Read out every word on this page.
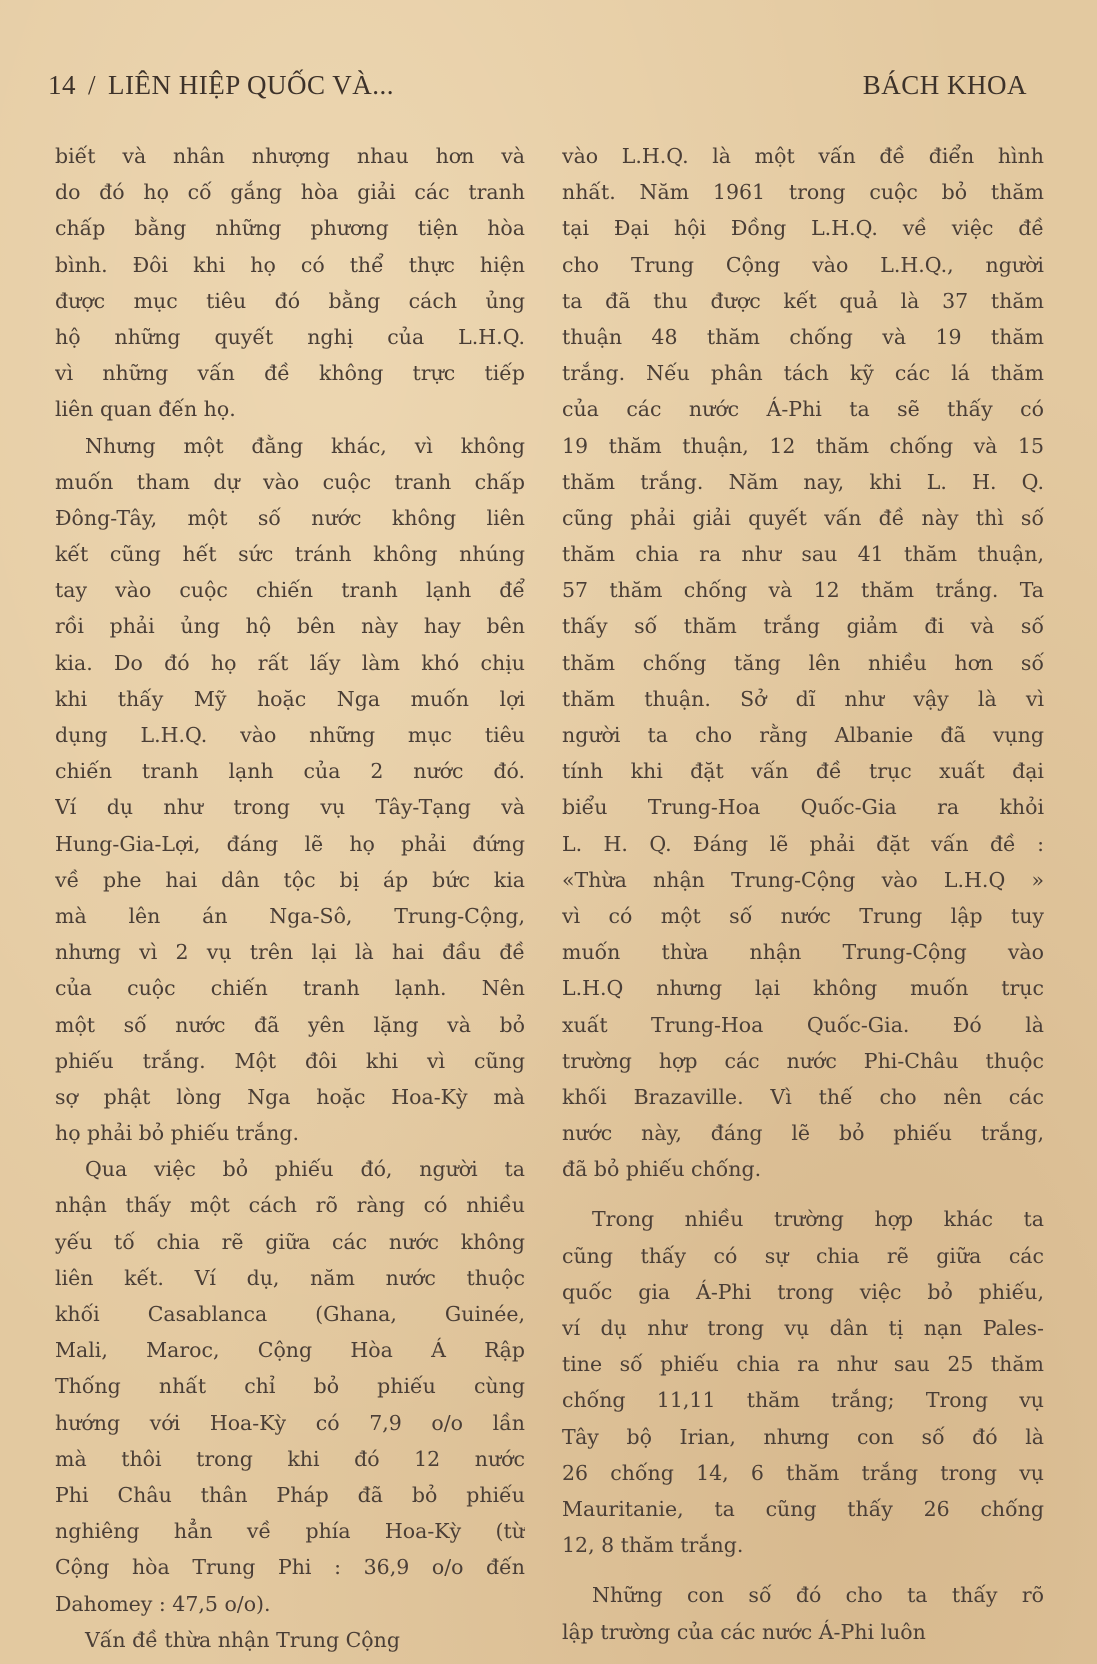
14 / LIÊN HIỆP QUỐC VÀ...	BÁCH KHOA

biết và nhân nhượng nhau hơn và
do đó họ cố gắng hòa giải các tranh
chấp bằng những phương tiện hòa
bình. Đôi khi họ có thể thực hiện
được mục tiêu đó bằng cách ủng
hộ những quyết nghị của L.H.Q.
vì những vấn đề không trực tiếp
liên quan đến họ.

Nhưng một đằng khác, vì không
muốn tham dự vào cuộc tranh chấp
Đông-Tây, một số nước không liên
kết cũng hết sức tránh không nhúng
tay vào cuộc chiến tranh lạnh để
rồi phải ủng hộ bên này hay bên
kia. Do đó họ rất lấy làm khó chịu
khi thấy Mỹ hoặc Nga muốn lợi
dụng L.H.Q. vào những mục tiêu
chiến tranh lạnh của 2 nước đó.
Ví dụ như trong vụ Tây-Tạng và
Hung-Gia-Lợi, đáng lẽ họ phải đứng
về phe hai dân tộc bị áp bức kia
mà lên án Nga-Sô, Trung-Cộng,
nhưng vì 2 vụ trên lại là hai đầu đề
của cuộc chiến tranh lạnh. Nên
một số nước đã yên lặng và bỏ
phiếu trắng. Một đôi khi vì cũng
sợ phật lòng Nga hoặc Hoa-Kỳ mà
họ phải bỏ phiếu trắng.

Qua việc bỏ phiếu đó, người ta
nhận thấy một cách rõ ràng có nhiều
yếu tố chia rẽ giữa các nước không
liên kết. Ví dụ, năm nước thuộc
khối Casablanca (Ghana, Guinée,
Mali, Maroc, Cộng Hòa Á Rập
Thống nhất chỉ bỏ phiếu cùng
hướng với Hoa-Kỳ có 7,9 o/o lần
mà thôi trong khi đó 12 nước
Phi Châu thân Pháp đã bỏ phiếu
nghiêng hẳn về phía Hoa-Kỳ (từ
Cộng hòa Trung Phi : 36,9 o/o đến
Dahomey : 47,5 o/o).

Vấn đề thừa nhận Trung Cộng

vào L.H.Q. là một vấn đề điển hình
nhất. Năm 1961 trong cuộc bỏ thăm
tại Đại hội Đồng L.H.Q. về việc đề
cho Trung Cộng vào L.H.Q., người
ta đã thu được kết quả là 37 thăm
thuận 48 thăm chống và 19 thăm
trắng. Nếu phân tách kỹ các lá thăm
của các nước Á-Phi ta sẽ thấy có
19 thăm thuận, 12 thăm chống và 15
thăm trắng. Năm nay, khi L. H. Q.
cũng phải giải quyết vấn đề này thì số
thăm chia ra như sau 41 thăm thuận,
57 thăm chống và 12 thăm trắng. Ta
thấy số thăm trắng giảm đi và số
thăm chống tăng lên nhiều hơn số
thăm thuận. Sở dĩ như vậy là vì
người ta cho rằng Albanie đã vụng
tính khi đặt vấn đề trục xuất đại
biểu Trung-Hoa Quốc-Gia ra khỏi
L. H. Q. Đáng lẽ phải đặt vấn đề :
«Thừa nhận Trung-Cộng vào L.H.Q »
vì có một số nước Trung lập tuy
muốn thừa nhận Trung-Cộng vào
L.H.Q nhưng lại không muốn trục
xuất Trung-Hoa Quốc-Gia. Đó là
trường hợp các nước Phi-Châu thuộc
khối Brazaville. Vì thế cho nên các
nước này, đáng lẽ bỏ phiếu trắng,
đã bỏ phiếu chống.

Trong nhiều trường hợp khác ta
cũng thấy có sự chia rẽ giữa các
quốc gia Á-Phi trong việc bỏ phiếu,
ví dụ như trong vụ dân tị nạn Pales-
tine số phiếu chia ra như sau 25 thăm
chống 11,11 thăm trắng; Trong vụ
Tây bộ Irian, nhưng con số đó là
26 chống 14, 6 thăm trắng trong vụ
Mauritanie, ta cũng thấy 26 chống
12, 8 thăm trắng.

Những con số đó cho ta thấy rõ
lập trường của các nước Á-Phi luôn
